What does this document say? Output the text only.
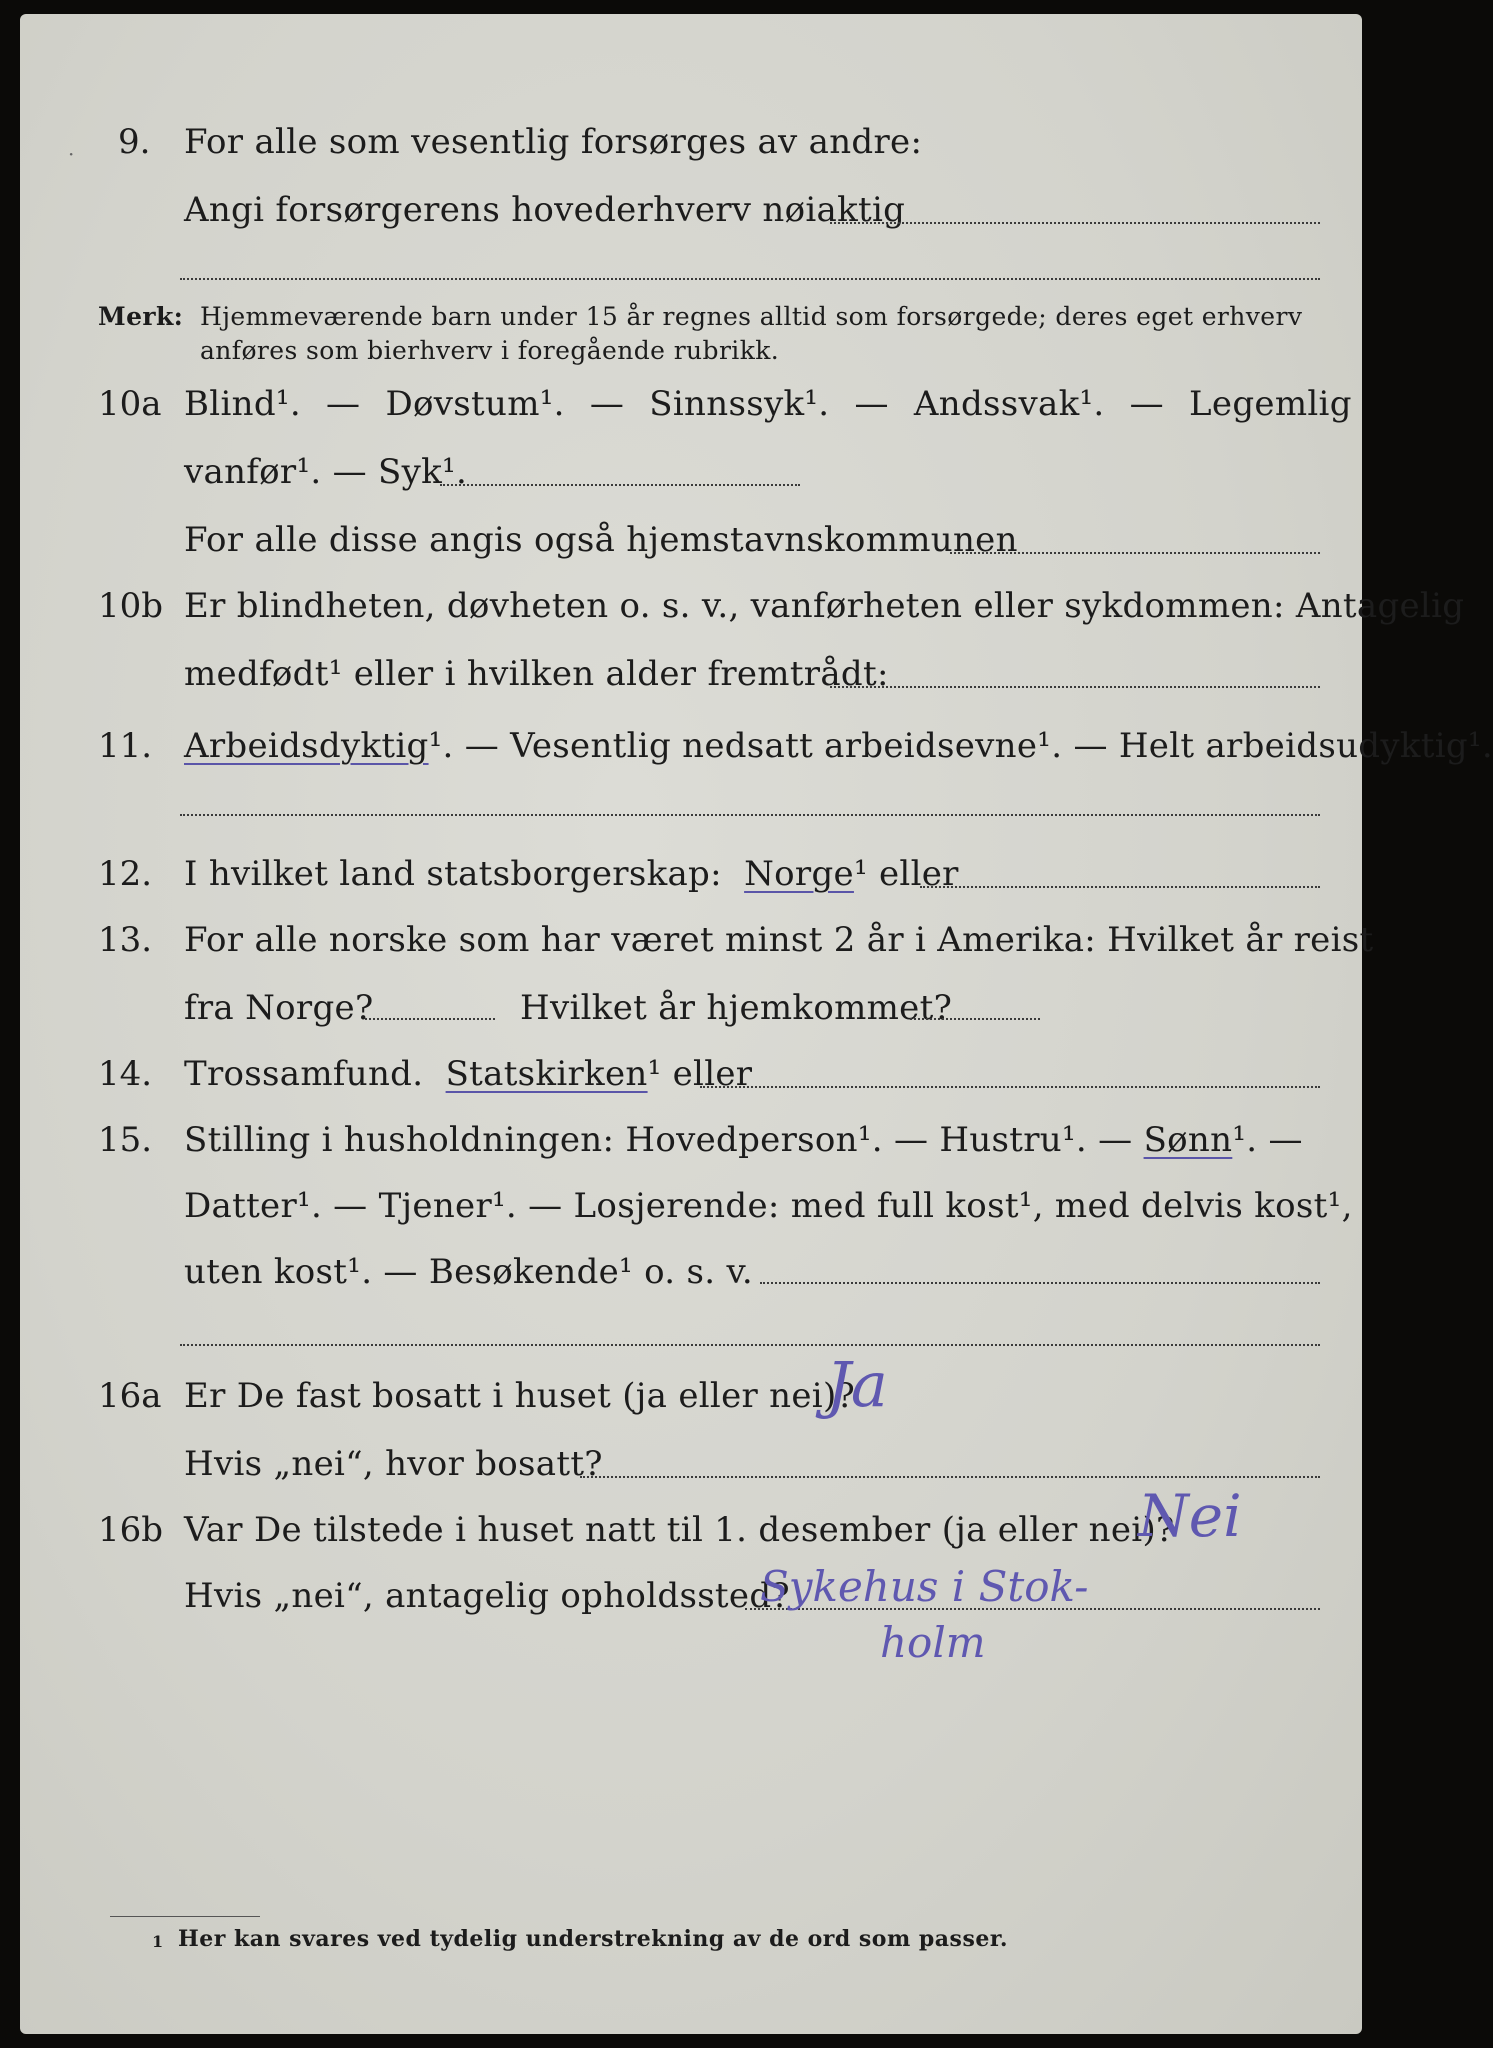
9. For alle som vesentlig forsørges av andre:
Angi forsørgerens hovederhverv nøiaktig
Merk: Hjemmeværende barn under 15 år regnes alltid som forsørgede; deres eget erhverv
anføres som bierhverv i foregående rubrikk.
10a Blind¹. — Døvstum¹. — Sinnssyk¹. — Andssvak¹. — Legemlig
vanfør¹. — Syk¹.
For alle disse angis også hjemstavnskommunen
10b Er blindheten, døvheten o. s. v., vanførheten eller sykdommen: Antagelig
medfødt¹ eller i hvilken alder fremtrådt:
11. Arbeidsdyktig¹. — Vesentlig nedsatt arbeidsevne¹. — Helt arbeidsudyktig¹.
12. I hvilket land statsborgerskap: Norge¹ eller
13. For alle norske som har været minst 2 år i Amerika: Hvilket år reist
fra Norge?	Hvilket år hjemkommet?
14. Trossamfund. Statskirken¹ eller
15. Stilling i husholdningen: Hovedperson¹. — Hustru¹. — Sønn¹. —
Datter¹. — Tjener¹. — Losjerende: med full kost¹, med delvis kost¹,
uten kost¹. — Besøkende¹ o. s. v.
16a Er De fast bosatt i huset (ja eller nei)?
Ja
Hvis „nei“, hvor bosatt?
16b Var De tilstede i huset natt til 1. desember (ja eller nei)?
Nei
Hvis „nei“, antagelig opholdssted?
Sykehus i Stok-
holm
1 Her kan svares ved tydelig understrekning av de ord som passer.
·
